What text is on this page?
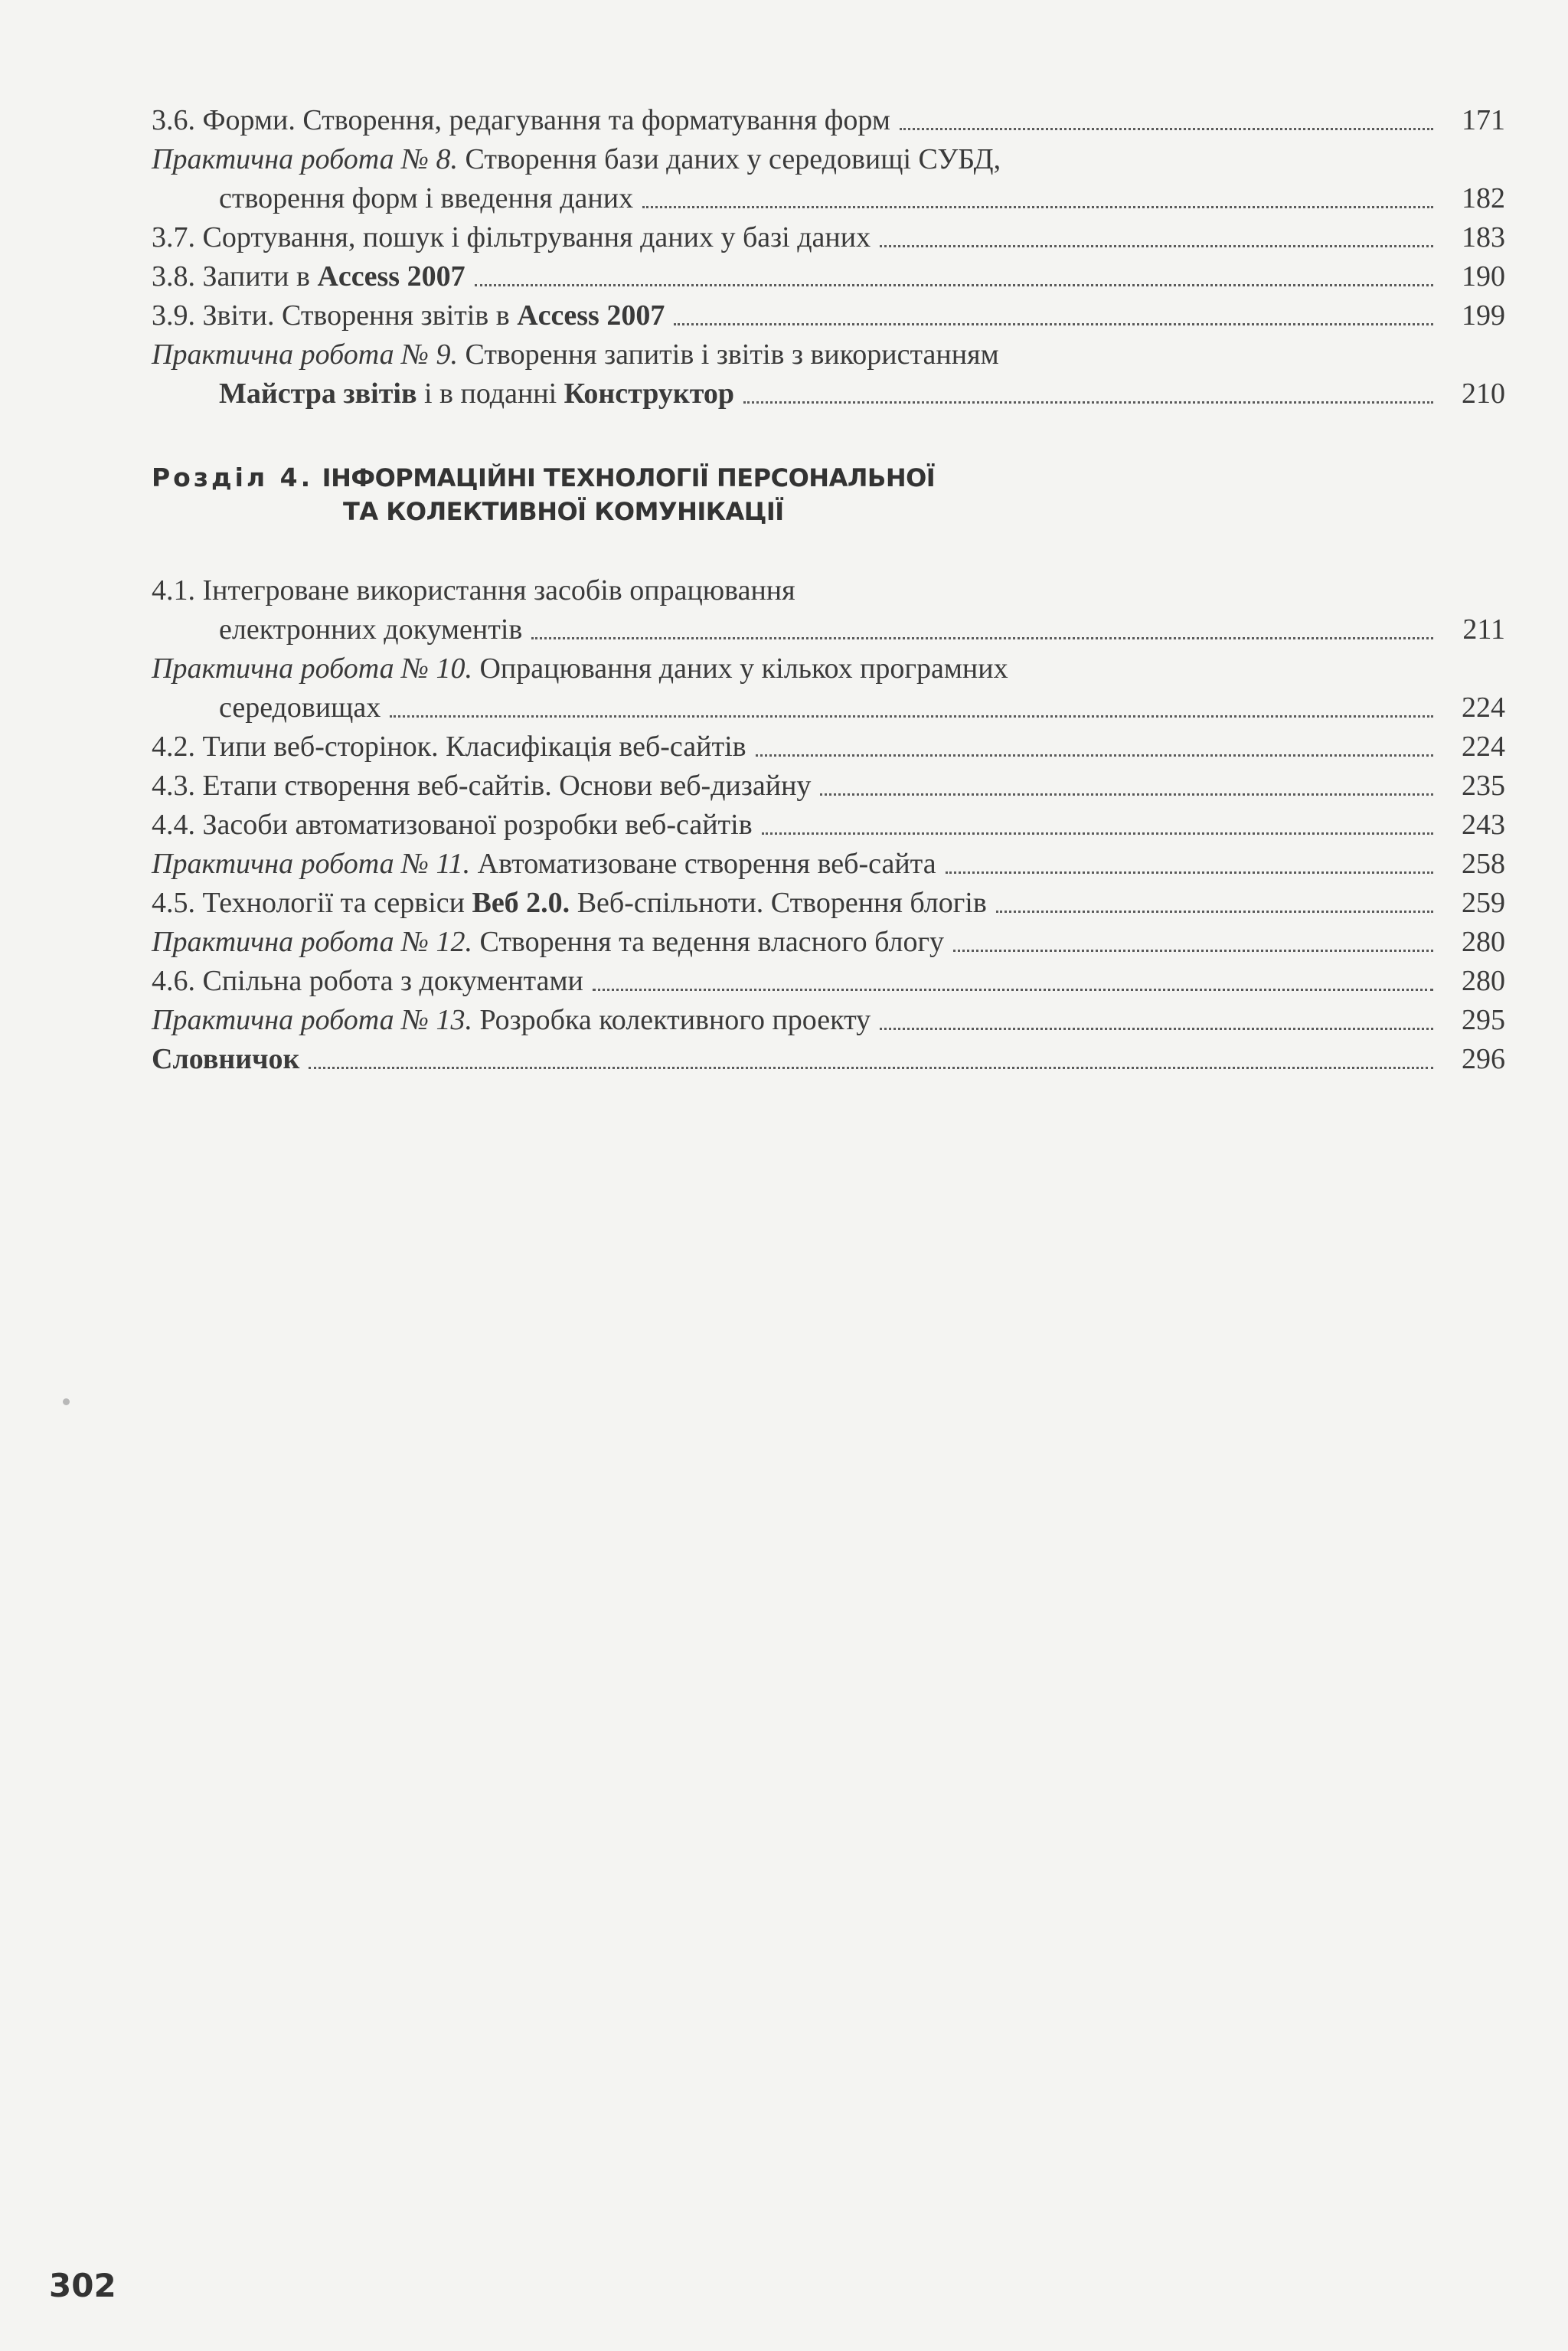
3.6. Форми. Створення, редагування та форматування форм	171
Практична робота № 8. Створення бази даних у середовищі СУБД,
створення форм і введення даних	182
3.7. Сортування, пошук і фільтрування даних у базі даних	183
3.8. Запити в Access 2007	190
3.9. Звіти. Створення звітів в Access 2007	199
Практична робота № 9. Створення запитів і звітів з використанням
Майстра звітів і в поданні Конструктор	210
Розділ 4. ІНФОРМАЦІЙНІ ТЕХНОЛОГІЇ ПЕРСОНАЛЬНОЇ
ТА КОЛЕКТИВНОЇ КОМУНІКАЦІЇ
4.1. Інтегроване використання засобів опрацювання
електронних документів	211
Практична робота № 10. Опрацювання даних у кількох програмних
середовищах	224
4.2. Типи веб-сторінок. Класифікація веб-сайтів	224
4.3. Етапи створення веб-сайтів. Основи веб-дизайну	235
4.4. Засоби автоматизованої розробки веб-сайтів	243
Практична робота № 11. Автоматизоване створення веб-сайта	258
4.5. Технології та сервіси Веб 2.0. Веб-спільноти. Створення блогів	259
Практична робота № 12. Створення та ведення власного блогу	280
4.6. Спільна робота з документами	280
Практична робота № 13. Розробка колективного проекту	295
Словничок	296
302
